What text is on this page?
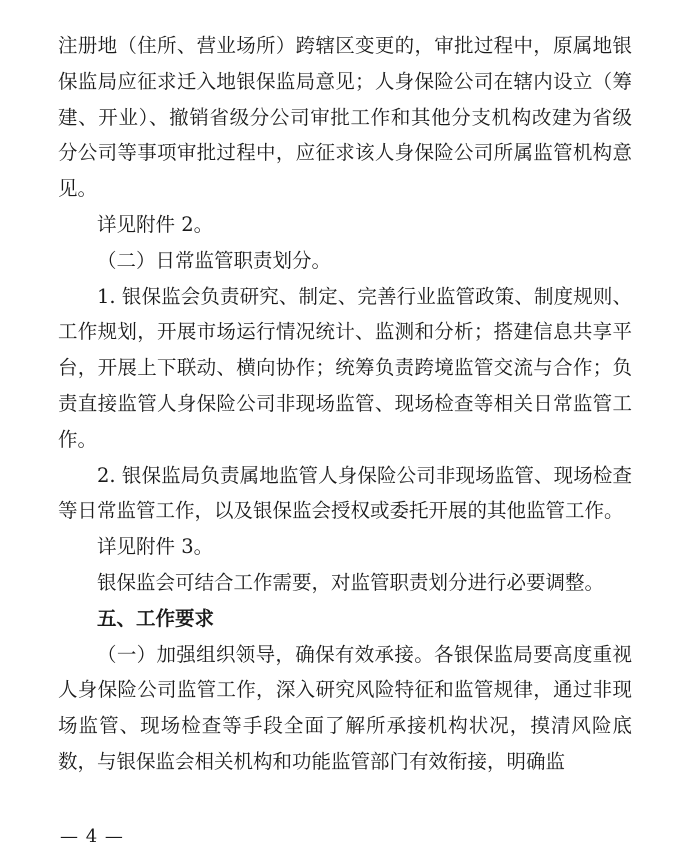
注册地（住所、营业场所）跨辖区变更的，审批过程中，原属地银保监局应征求迁入地银保监局意见；人身保险公司在辖内设立（筹建、开业）、撤销省级分公司审批工作和其他分支机构改建为省级分公司等事项审批过程中，应征求该人身保险公司所属监管机构意见。

详见附件 2。

（二）日常监管职责划分。

1. 银保监会负责研究、制定、完善行业监管政策、制度规则、工作规划，开展市场运行情况统计、监测和分析；搭建信息共享平台，开展上下联动、横向协作；统筹负责跨境监管交流与合作；负责直接监管人身保险公司非现场监管、现场检查等相关日常监管工作。

2. 银保监局负责属地监管人身保险公司非现场监管、现场检查等日常监管工作，以及银保监会授权或委托开展的其他监管工作。

详见附件 3。

银保监会可结合工作需要，对监管职责划分进行必要调整。

五、工作要求

（一）加强组织领导，确保有效承接。各银保监局要高度重视人身保险公司监管工作，深入研究风险特征和监管规律，通过非现场监管、现场检查等手段全面了解所承接机构状况，摸清风险底数，与银保监会相关机构和功能监管部门有效衔接，明确监

— 4 —
